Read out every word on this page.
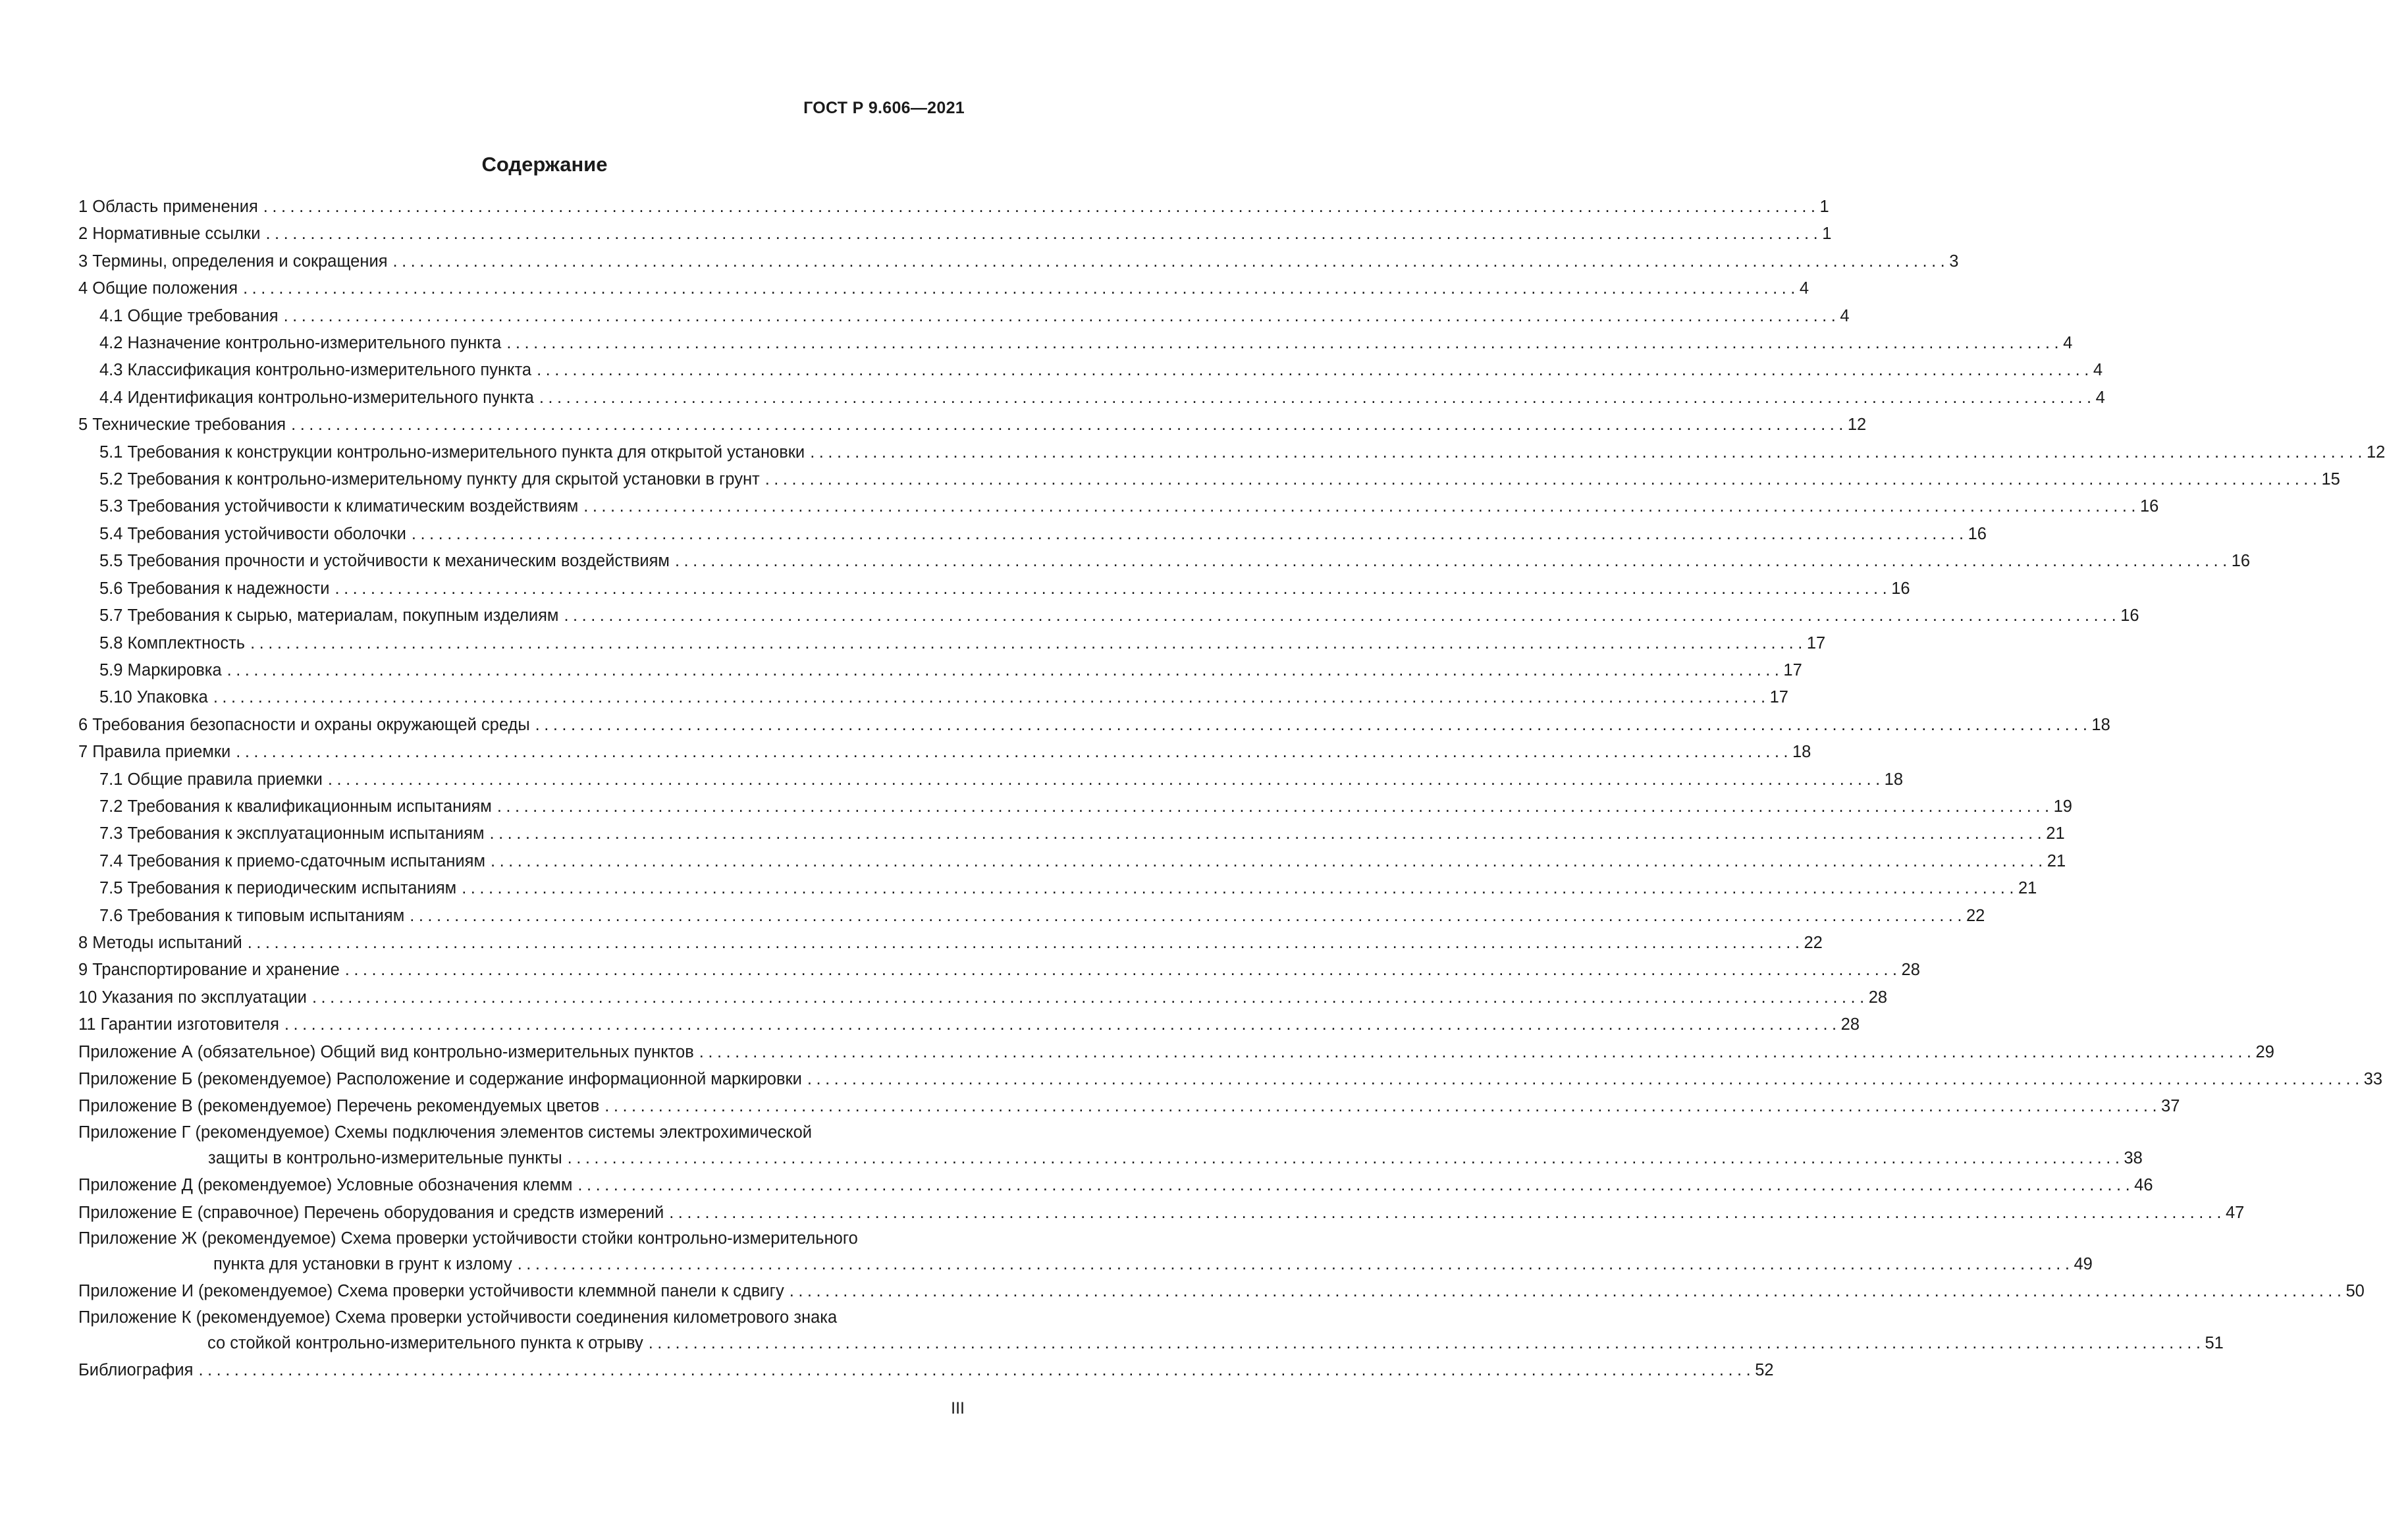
ГОСТ Р 9.606—2021
Содержание
1 Область применения .............................................................................................................................................................................. 1
2 Нормативные ссылки .............................................................................................................................................................................. 1
3 Термины, определения и сокращения .............................................................................................................................................................................. 3
4 Общие положения .............................................................................................................................................................................. 4
4.1 Общие требования .............................................................................................................................................................................. 4
4.2 Назначение контрольно-измерительного пункта .............................................................................................................................................................................. 4
4.3 Классификация контрольно-измерительного пункта .............................................................................................................................................................................. 4
4.4 Идентификация контрольно-измерительного пункта .............................................................................................................................................................................. 4
5 Технические требования .............................................................................................................................................................................. 12
5.1 Требования к конструкции контрольно-измерительного пункта для открытой установки .............................................................................................................................................................................. 12
5.2 Требования к контрольно-измерительному пункту для скрытой установки в грунт .............................................................................................................................................................................. 15
5.3 Требования устойчивости к климатическим воздействиям .............................................................................................................................................................................. 16
5.4 Требования устойчивости оболочки .............................................................................................................................................................................. 16
5.5 Требования прочности и устойчивости к механическим воздействиям .............................................................................................................................................................................. 16
5.6 Требования к надежности .............................................................................................................................................................................. 16
5.7 Требования к сырью, материалам, покупным изделиям .............................................................................................................................................................................. 16
5.8 Комплектность .............................................................................................................................................................................. 17
5.9 Маркировка .............................................................................................................................................................................. 17
5.10 Упаковка .............................................................................................................................................................................. 17
6 Требования безопасности и охраны окружающей среды .............................................................................................................................................................................. 18
7 Правила приемки .............................................................................................................................................................................. 18
7.1 Общие правила приемки .............................................................................................................................................................................. 18
7.2 Требования к квалификационным испытаниям .............................................................................................................................................................................. 19
7.3 Требования к эксплуатационным испытаниям .............................................................................................................................................................................. 21
7.4 Требования к приемо-сдаточным испытаниям .............................................................................................................................................................................. 21
7.5 Требования к периодическим испытаниям .............................................................................................................................................................................. 21
7.6 Требования к типовым испытаниям .............................................................................................................................................................................. 22
8 Методы испытаний .............................................................................................................................................................................. 22
9 Транспортирование и хранение .............................................................................................................................................................................. 28
10 Указания по эксплуатации .............................................................................................................................................................................. 28
11 Гарантии изготовителя .............................................................................................................................................................................. 28
Приложение А (обязательное) Общий вид контрольно-измерительных пунктов .............................................................................................................................................................................. 29
Приложение Б (рекомендуемое) Расположение и содержание информационной маркировки .............................................................................................................................................................................. 33
Приложение В (рекомендуемое) Перечень рекомендуемых цветов .............................................................................................................................................................................. 37
Приложение Г (рекомендуемое) Схемы подключения элементов системы электрохимической
защиты в контрольно-измерительные пункты .............................................................................................................................................................................. 38
Приложение Д (рекомендуемое) Условные обозначения клемм .............................................................................................................................................................................. 46
Приложение Е (справочное) Перечень оборудования и средств измерений .............................................................................................................................................................................. 47
Приложение Ж (рекомендуемое) Схема проверки устойчивости стойки контрольно-измерительного
пункта для установки в грунт к излому .............................................................................................................................................................................. 49
Приложение И (рекомендуемое) Схема проверки устойчивости клеммной панели к сдвигу .............................................................................................................................................................................. 50
Приложение К (рекомендуемое) Схема проверки устойчивости соединения километрового знака
со стойкой контрольно-измерительного пункта к отрыву .............................................................................................................................................................................. 51
Библиография .............................................................................................................................................................................. 52
III
